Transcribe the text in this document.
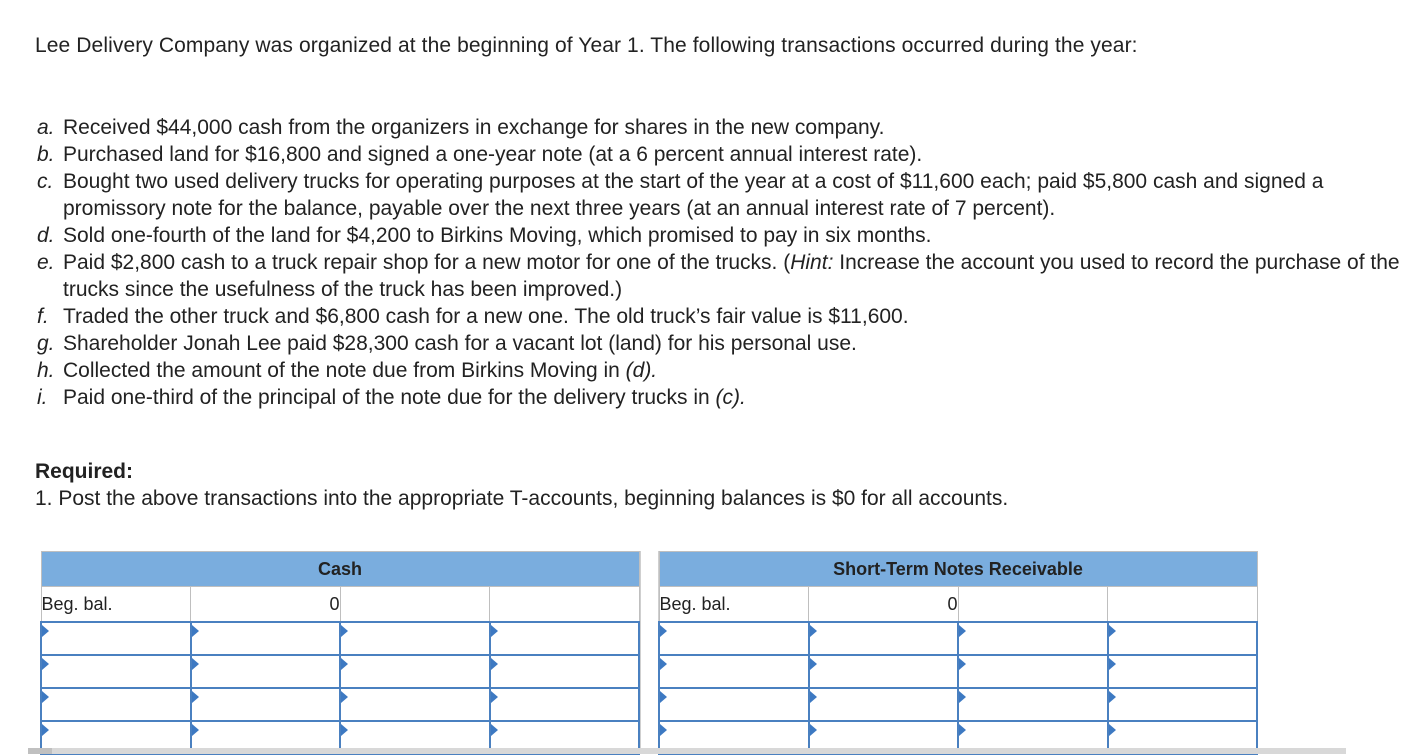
Lee Delivery Company was organized at the beginning of Year 1. The following transactions occurred during the year:
a. Received $44,000 cash from the organizers in exchange for shares in the new company.
b. Purchased land for $16,800 and signed a one-year note (at a 6 percent annual interest rate).
c. Bought two used delivery trucks for operating purposes at the start of the year at a cost of $11,600 each; paid $5,800 cash and signed a promissory note for the balance, payable over the next three years (at an annual interest rate of 7 percent).
d. Sold one-fourth of the land for $4,200 to Birkins Moving, which promised to pay in six months.
e. Paid $2,800 cash to a truck repair shop for a new motor for one of the trucks. (Hint: Increase the account you used to record the purchase of the trucks since the usefulness of the truck has been improved.)
f. Traded the other truck and $6,800 cash for a new one. The old truck’s fair value is $11,600.
g. Shareholder Jonah Lee paid $28,300 cash for a vacant lot (land) for his personal use.
h. Collected the amount of the note due from Birkins Moving in (d).
i. Paid one-third of the principal of the note due for the delivery trucks in (c).
Required:
1. Post the above transactions into the appropriate T-accounts, beginning balances is $0 for all accounts.
Cash			
Beg. bal.	0		

Short-Term Notes Receivable			
Beg. bal.	0		
